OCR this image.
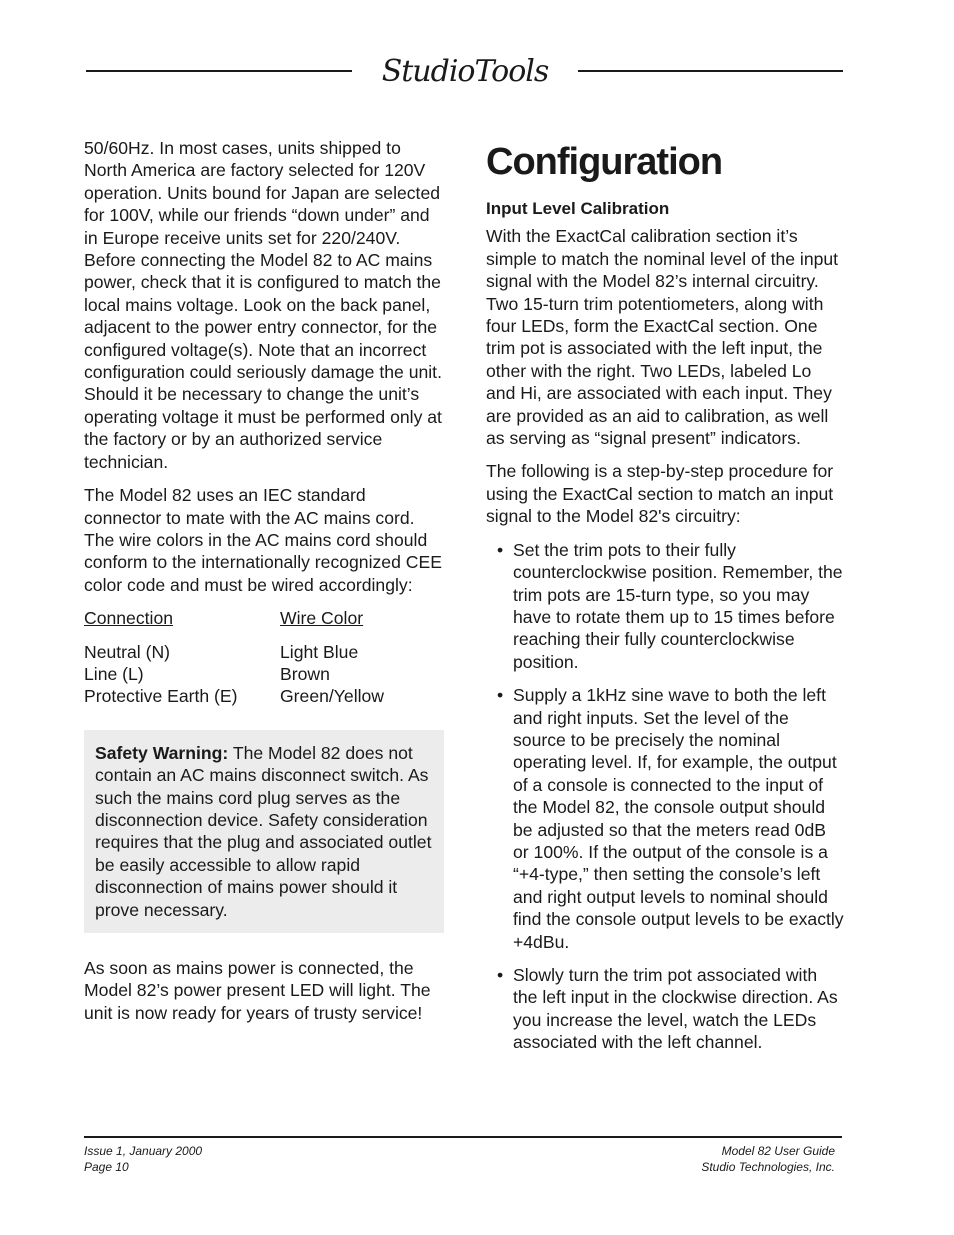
StudioTools

50/60Hz. In most cases, units shipped to North America are factory selected for 120V operation. Units bound for Japan are selected for 100V, while our friends “down under” and in Europe receive units set for 220/240V. Before connecting the Model 82 to AC mains power, check that it is configured to match the local mains voltage. Look on the back panel, adjacent to the power entry connector, for the configured voltage(s). Note that an incorrect configuration could seriously damage the unit. Should it be necessary to change the unit’s operating voltage it must be performed only at the factory or by an authorized service technician.

The Model 82 uses an IEC standard connector to mate with the AC mains cord. The wire colors in the AC mains cord should conform to the internationally recognized CEE color code and must be wired accordingly:

Connection	Wire Color
Neutral (N)	Light Blue
Line (L)	Brown
Protective Earth (E)	Green/Yellow
Safety Warning: The Model 82 does not contain an AC mains disconnect switch. As such the mains cord plug serves as the disconnection device. Safety consideration requires that the plug and associated outlet be easily accessible to allow rapid disconnection of mains power should it prove necessary.

As soon as mains power is connected, the Model 82’s power present LED will light. The unit is now ready for years of trusty service!

Configuration
Input Level Calibration

With the ExactCal calibration section it’s simple to match the nominal level of the input signal with the Model 82’s internal circuitry. Two 15-turn trim potentiometers, along with four LEDs, form the ExactCal section. One trim pot is associated with the left input, the other with the right. Two LEDs, labeled Lo and Hi, are associated with each input. They are provided as an aid to calibration, as well as serving as “signal present” indicators.

The following is a step-by-step procedure for using the ExactCal section to match an input signal to the Model 82's circuitry:

• Set the trim pots to their fully counterclockwise position. Remember, the trim pots are 15-turn type, so you may have to rotate them up to 15 times before reaching their fully counterclockwise position.
• Supply a 1kHz sine wave to both the left and right inputs. Set the level of the source to be precisely the nominal operating level. If, for example, the output of a console is connected to the input of the Model 82, the console output should be adjusted so that the meters read 0dB or 100%. If the output of the console is a “+4-type,” then setting the console’s left and right output levels to nominal should find the console output levels to be exactly +4dBu.
• Slowly turn the trim pot associated with the left input in the clockwise direction. As you increase the level, watch the LEDs associated with the left channel.
Issue 1, January 2000
Page 10
Model 82 User Guide
Studio Technologies, Inc.
